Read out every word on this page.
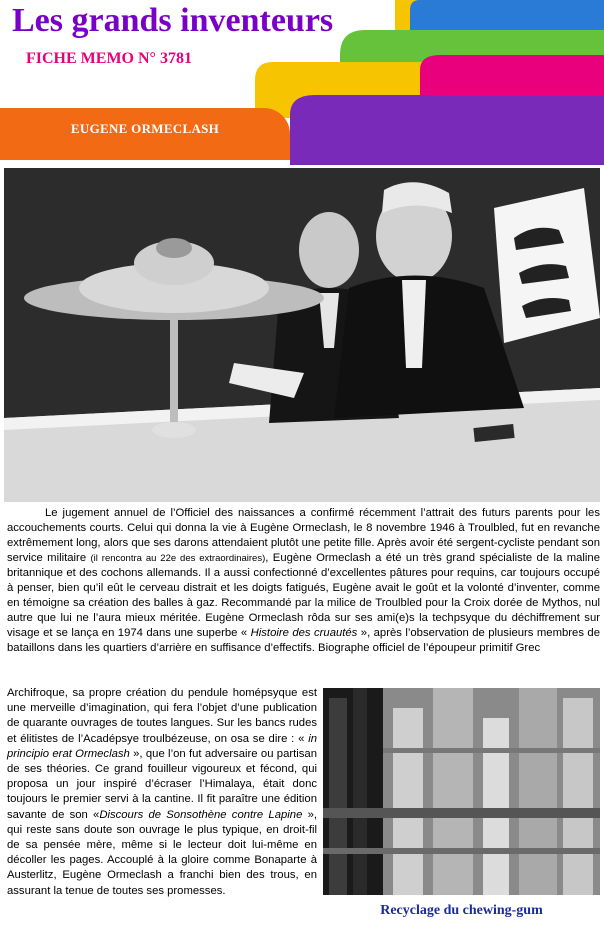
Les grands inventeurs
FICHE MEMO N° 3781
EUGENE ORMECLASH

Le jugement annuel de l’Officiel des naissances a confirmé récemment l’attrait des futurs parents pour les accouchements courts. Celui qui donna la vie à Eugène Ormeclash, le 8 novembre 1946 à Troulbled, fut en revanche extrêmement long, alors que ses darons attendaient plutôt une petite fille. Après avoir été sergent-cycliste pendant son service militaire (il rencontra au 22e des extraordinaires), Eugène Ormeclash a été un très grand spécialiste de la maline britannique et des cochons allemands. Il a aussi confectionné d’excellentes pâtures pour requins, car toujours occupé à penser, bien qu’il eût le cerveau distrait et les doigts fatigués, Eugène avait le goût et la volonté d’inventer, comme en témoigne sa création des balles à gaz. Recommandé par la milice de Troulbled pour la Croix dorée de Mythos, nul autre que lui ne l’aura mieux méritée. Eugène Ormeclash rôda sur ses ami(e)s la techpsyque du déchiffrement sur visage et se lança en 1974 dans une superbe « Histoire des cruautés », après l’observation de plusieurs membres de bataillons dans les quartiers d’arrière en suffisance d’effectifs. Biographe officiel de l’époupeur primitif Grec

Archifroque, sa propre création du pendule homépsyque est une merveille d’imagination, qui fera l’objet d’une publication de quarante ouvrages de toutes langues. Sur les bancs rudes et élitistes de l’Acadépsye troulbézeuse, on osa se dire : « in principio erat Ormeclash », que l’on fut adversaire ou partisan de ses théories. Ce grand fouilleur vigoureux et fécond, qui proposa un jour inspiré d’écraser l’Himalaya, était donc toujours le premier servi à la cantine. Il fit paraître une édition savante de son «Discours de Sonsothène contre Lapine », qui reste sans doute son ouvrage le plus typique, en droit-fil de sa pensée mère, même si le lecteur doit lui-même en décoller les pages. Accouplé à la gloire comme Bonaparte à Austerlitz, Eugène Ormeclash a franchi bien des trous, en assurant la tenue de toutes ses promesses.

Recyclage du chewing-gum
